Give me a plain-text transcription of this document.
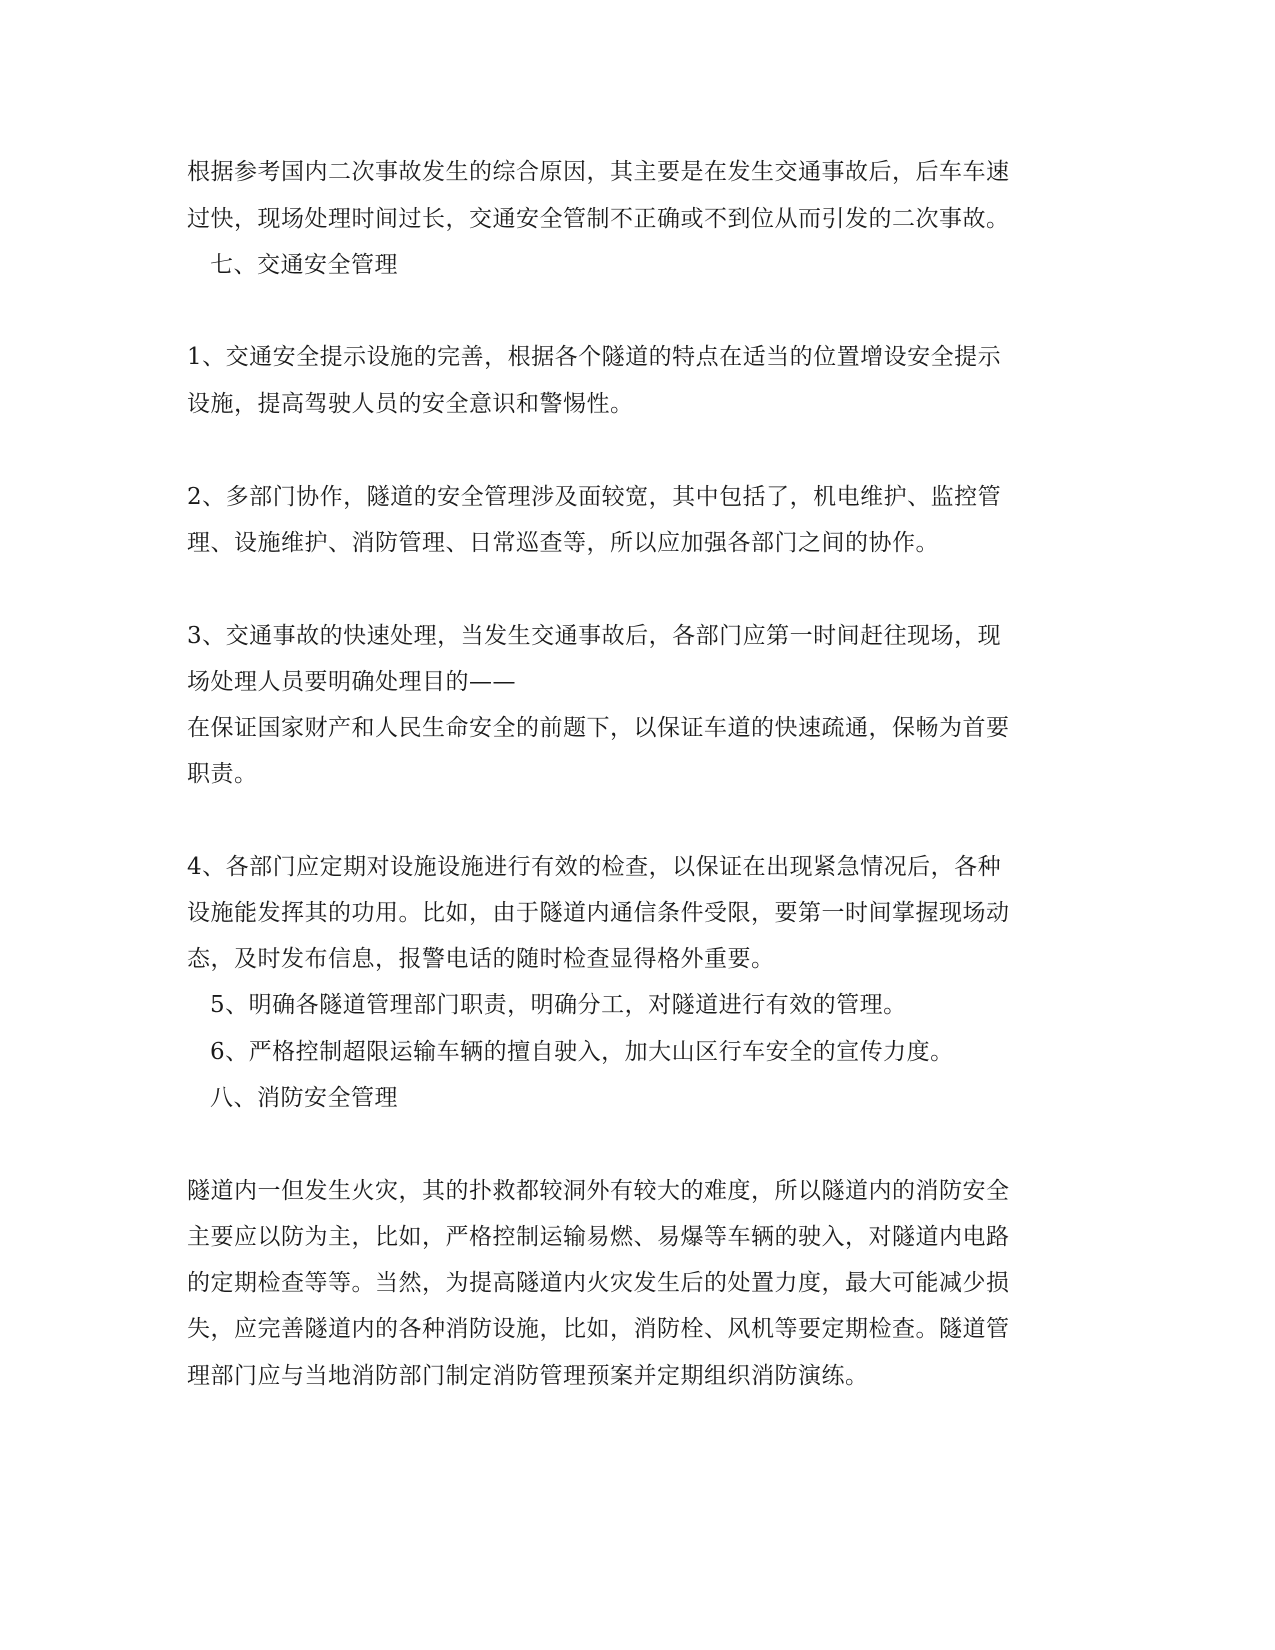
根据参考国内二次事故发生的综合原因，其主要是在发生交通事故后，后车车速
过快，现场处理时间过长，交通安全管制不正确或不到位从而引发的二次事故。
七、交通安全管理
1、交通安全提示设施的完善，根据各个隧道的特点在适当的位置增设安全提示
设施，提高驾驶人员的安全意识和警惕性。
2、多部门协作，隧道的安全管理涉及面较宽，其中包括了，机电维护、监控管
理、设施维护、消防管理、日常巡查等，所以应加强各部门之间的协作。
3、交通事故的快速处理，当发生交通事故后，各部门应第一时间赶往现场，现
场处理人员要明确处理目的——
在保证国家财产和人民生命安全的前题下，以保证车道的快速疏通，保畅为首要
职责。
4、各部门应定期对设施设施进行有效的检查，以保证在出现紧急情况后，各种
设施能发挥其的功用。比如，由于隧道内通信条件受限，要第一时间掌握现场动
态，及时发布信息，报警电话的随时检查显得格外重要。
5、明确各隧道管理部门职责，明确分工，对隧道进行有效的管理。
6、严格控制超限运输车辆的擅自驶入，加大山区行车安全的宣传力度。
八、消防安全管理
隧道内一但发生火灾，其的扑救都较洞外有较大的难度，所以隧道内的消防安全
主要应以防为主，比如，严格控制运输易燃、易爆等车辆的驶入，对隧道内电路
的定期检查等等。当然，为提高隧道内火灾发生后的处置力度，最大可能减少损
失，应完善隧道内的各种消防设施，比如，消防栓、风机等要定期检查。隧道管
理部门应与当地消防部门制定消防管理预案并定期组织消防演练。
